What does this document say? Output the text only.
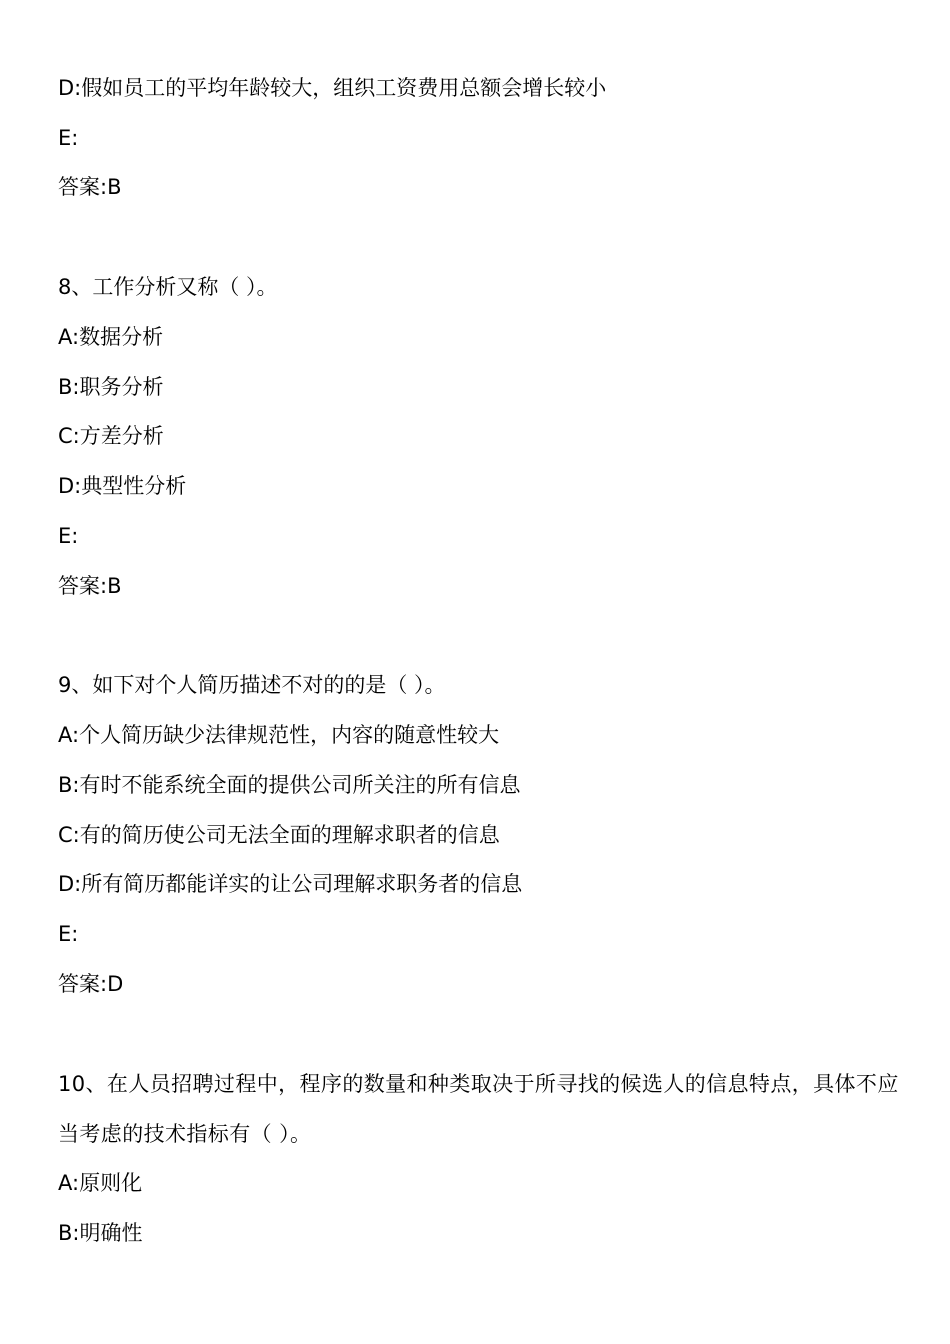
D:假如员工的平均年龄较大，组织工资费用总额会增长较小
E:
答案:B
8、工作分析又称（ ）。
A:数据分析
B:职务分析
C:方差分析
D:典型性分析
E:
答案:B
9、如下对个人简历描述不对的的是（ ）。
A:个人简历缺少法律规范性，内容的随意性较大
B:有时不能系统全面的提供公司所关注的所有信息
C:有的简历使公司无法全面的理解求职者的信息
D:所有简历都能详实的让公司理解求职务者的信息
E:
答案:D
10、在人员招聘过程中，程序的数量和种类取决于所寻找的候选人的信息特点，具体不应当考虑的技术指标有（ ）。
A:原则化
B:明确性
